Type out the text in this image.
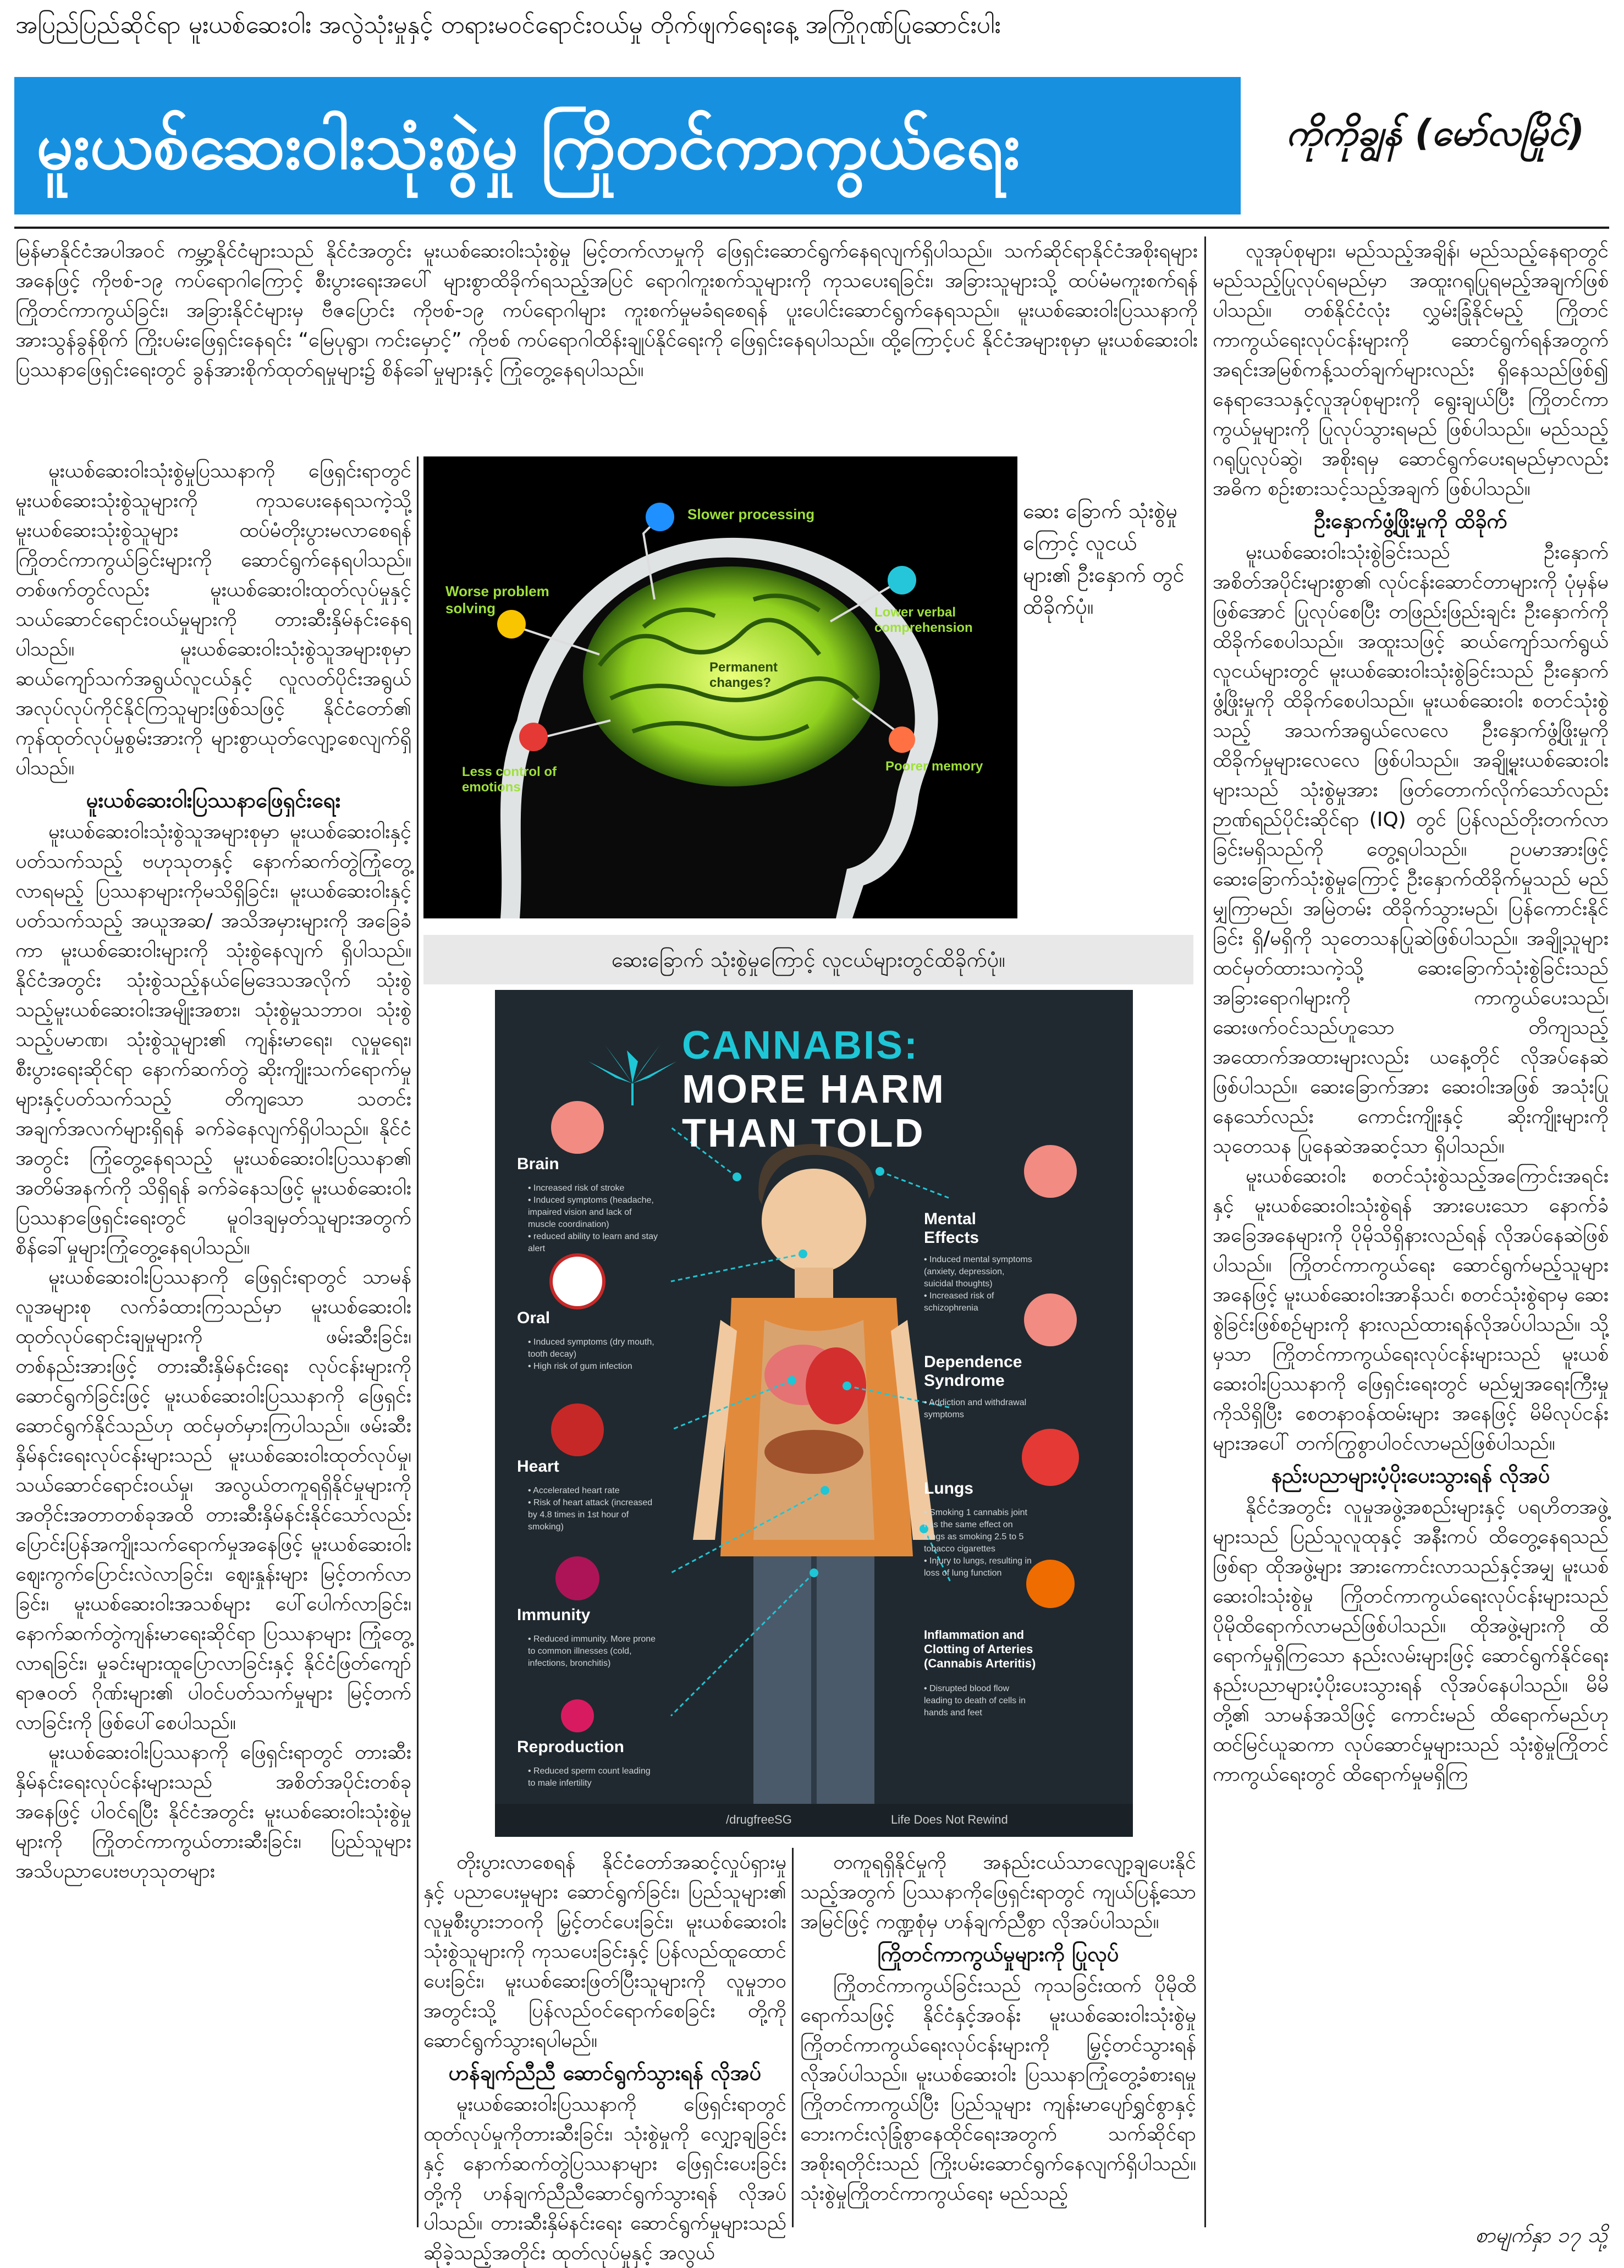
အပြည်ပြည်ဆိုင်ရာ မူးယစ်ဆေးဝါး အလွဲသုံးမှုနှင့် တရားမဝင်ရောင်းဝယ်မှု တိုက်ဖျက်ရေးနေ့ အကြိုဂုဏ်ပြုဆောင်းပါး
မူးယစ်ဆေးဝါးသုံးစွဲမှု ကြိုတင်ကာကွယ်ရေး	ကိုကိုချွန် (မော်လမြိုင်)

မြန်မာနိုင်ငံအပါအဝင် ကမ္ဘာ့နိုင်ငံများသည် နိုင်ငံအတွင်း မူးယစ်ဆေးဝါးသုံးစွဲမှု မြင့်တက်လာမှုကို ဖြေရှင်းဆောင်ရွက်နေရလျက်ရှိပါသည်။ သက်ဆိုင်ရာနိုင်ငံအစိုးရများအနေဖြင့် ကိုဗစ်-၁၉ ကပ်ရောဂါကြောင့် စီးပွားရေးအပေါ် များစွာထိခိုက်ရသည့်အပြင် ရောဂါကူးစက်သူများကို ကုသပေးရခြင်း၊ အခြားသူများသို့ ထပ်မံမကူးစက်ရန် ကြိုတင်ကာကွယ်ခြင်း၊ အခြားနိုင်ငံများမှ ဗီဇပြောင်း ကိုဗစ်-၁၉ ကပ်ရောဂါများ ကူးစက်မှုမခံရစေရန် ပူးပေါင်းဆောင်ရွက်နေရသည်။ မူးယစ်ဆေးဝါးပြဿနာကို အားသွန်ခွန်စိုက် ကြိုးပမ်းဖြေရှင်းနေရင်း “မြေပုရွာ၊ ကင်းမှောင့်” ကိုဗစ် ကပ်ရောဂါထိန်းချုပ်နိုင်ရေးကို ဖြေရှင်းနေရပါသည်။ ထို့ကြောင့်ပင် နိုင်ငံအများစုမှာ မူးယစ်ဆေးဝါးပြဿနာဖြေရှင်းရေးတွင် ခွန်အားစိုက်ထုတ်ရမှုများ၌ စိန်ခေါ်မှုများနှင့် ကြုံတွေ့နေရပါသည်။

မူးယစ်ဆေးဝါးသုံးစွဲမှုပြဿနာကို ဖြေရှင်းရာတွင် မူးယစ်ဆေးသုံးစွဲသူများကို ကုသပေးနေရသကဲ့သို့ မူးယစ်ဆေးသုံးစွဲသူများ ထပ်မံတိုးပွားမလာစေရန် ကြိုတင်ကာကွယ်ခြင်းများကို ဆောင်ရွက်နေရပါသည်။ တစ်ဖက်တွင်လည်း မူးယစ်ဆေးဝါးထုတ်လုပ်မှုနှင့် သယ်ဆောင်ရောင်းဝယ်မှုများကို တားဆီးနှိမ်နင်းနေရပါသည်။ မူးယစ်ဆေးဝါးသုံးစွဲသူအများစုမှာ ဆယ်ကျော်သက်အရွယ်လူငယ်နှင့် လူလတ်ပိုင်းအရွယ် အလုပ်လုပ်ကိုင်နိုင်ကြသူများဖြစ်သဖြင့် နိုင်ငံတော်၏ ကုန်ထုတ်လုပ်မှုစွမ်းအားကို များစွာယုတ်လျော့စေလျက်ရှိပါသည်။

မူးယစ်ဆေးဝါးပြဿနာဖြေရှင်းရေး

မူးယစ်ဆေးဝါးသုံးစွဲသူအများစုမှာ မူးယစ်ဆေးဝါးနှင့်ပတ်သက်သည့် ဗဟုသုတနှင့် နောက်ဆက်တွဲကြုံတွေ့လာရမည့် ပြဿနာများကိုမသိရှိခြင်း၊ မူးယစ်ဆေးဝါးနှင့်ပတ်သက်သည့် အယူအဆ/ အသိအမှားများကို အခြေခံကာ မူးယစ်ဆေးဝါးများကို သုံးစွဲနေလျက် ရှိပါသည်။ နိုင်ငံအတွင်း သုံးစွဲသည့်နယ်မြေဒေသအလိုက် သုံးစွဲသည့်မူးယစ်ဆေးဝါးအမျိုးအစား၊ သုံးစွဲမှုသဘာဝ၊ သုံးစွဲသည့်ပမာဏ၊ သုံးစွဲသူများ၏ ကျန်းမာရေး၊ လူမှုရေး၊ စီးပွားရေးဆိုင်ရာ နောက်ဆက်တွဲ ဆိုးကျိုးသက်ရောက်မှုများနှင့်ပတ်သက်သည့် တိကျသော သတင်းအချက်အလက်များရှိရန် ခက်ခဲနေလျက်ရှိပါသည်။ နိုင်ငံအတွင်း ကြုံတွေ့နေရသည့် မူးယစ်ဆေးဝါးပြဿနာ၏ အတိမ်အနက်ကို သိရှိရန် ခက်ခဲနေသဖြင့် မူးယစ်ဆေးဝါးပြဿနာဖြေရှင်းရေးတွင် မူဝါဒချမှတ်သူများအတွက် စိန်ခေါ်မှုများကြုံတွေ့နေရပါသည်။

မူးယစ်ဆေးဝါးပြဿနာကို ဖြေရှင်းရာတွင် သာမန်လူအများစု လက်ခံထားကြသည်မှာ မူးယစ်ဆေးဝါးထုတ်လုပ်ရောင်းချမှုများကို ဖမ်းဆီးခြင်း၊ တစ်နည်းအားဖြင့် တားဆီးနှိမ်နင်းရေး လုပ်ငန်းများကို ဆောင်ရွက်ခြင်းဖြင့် မူးယစ်ဆေးဝါးပြဿနာကို ဖြေရှင်းဆောင်ရွက်နိုင်သည်ဟု ထင်မှတ်မှားကြပါသည်။ ဖမ်းဆီးနှိမ်နင်းရေးလုပ်ငန်းများသည် မူးယစ်ဆေးဝါးထုတ်လုပ်မှု၊ သယ်ဆောင်ရောင်းဝယ်မှု၊ အလွယ်တကူရရှိနိုင်မှုများကို အတိုင်းအတာတစ်ခုအထိ တားဆီးနှိမ်နင်းနိုင်သော်လည်း ပြောင်းပြန်အကျိုးသက်ရောက်မှုအနေဖြင့် မူးယစ်ဆေးဝါး ဈေးကွက်ပြောင်းလဲလာခြင်း၊ ဈေးနှုန်းများ မြင့်တက်လာခြင်း၊ မူးယစ်ဆေးဝါးအသစ်များ ပေါ်ပေါက်လာခြင်း၊ နောက်ဆက်တွဲကျန်းမာရေးဆိုင်ရာ ပြဿနာများ ကြုံတွေ့လာရခြင်း၊ မှုခင်းများထူပြောလာခြင်းနှင့် နိုင်ငံဖြတ်ကျော်ရာဇဝတ် ဂိုဏ်းများ၏ ပါဝင်ပတ်သက်မှုများ မြင့်တက်လာခြင်းကို ဖြစ်ပေါ်စေပါသည်။

မူးယစ်ဆေးဝါးပြဿနာကို ဖြေရှင်းရာတွင် တားဆီးနှိမ်နင်းရေးလုပ်ငန်းများသည် အစိတ်အပိုင်းတစ်ခုအနေဖြင့် ပါဝင်ရပြီး နိုင်ငံအတွင်း မူးယစ်ဆေးဝါးသုံးစွဲမှုများကို ကြိုတင်ကာကွယ်တားဆီးခြင်း၊ ပြည်သူများအသိပညာပေးဗဟုသုတများ

Slower processing
Worse problem solving	Lower verbal comprehension
Permanent changes?
Less control of emotions
Poorer memory
ဆေး ခြောက် သုံးစွဲမှု ကြောင့် လူငယ် များ၏ ဦးနှောက် တွင် ထိခိုက်ပုံ။
ဆေးခြောက် သုံးစွဲမှုကြောင့် လူငယ်များတွင်ထိခိုက်ပုံ။
CANNABIS:
MORE HARM
THAN TOLD
Brain
• Increased risk of stroke
• Induced symptoms (headache, impaired vision and lack of muscle coordination)
• reduced ability to learn and stay alert
Oral
• Induced symptoms (dry mouth, tooth decay)
• High risk of gum infection
Heart
• Accelerated heart rate
• Risk of heart attack (increased by 4.8 times in 1st hour of smoking)
Immunity
• Reduced immunity. More prone to common illnesses (cold, infections, bronchitis)
Reproduction
• Reduced sperm count leading to male infertility
Mental Effects
• Induced mental symptoms (anxiety, depression, suicidal thoughts)
• Increased risk of schizophrenia
Dependence Syndrome
• Addiction and withdrawal symptoms
Lungs
• Smoking 1 cannabis joint has the same effect on lungs as smoking 2.5 to 5 tobacco cigarettes
• Injury to lungs, resulting in loss of lung function
Inflammation and Clotting of Arteries (Cannabis Arteritis)
• Disrupted blood flow leading to death of cells in hands and feet
/drugfreeSG	Life Does Not Rewind

တိုးပွားလာစေရန် နိုင်ငံတော်အဆင့်လှုပ်ရှားမှုနှင့် ပညာပေးမှုများ ဆောင်ရွက်ခြင်း၊ ပြည်သူများ၏ လူမှုစီးပွားဘဝကို မြှင့်တင်ပေးခြင်း၊ မူးယစ်ဆေးဝါး သုံးစွဲသူများကို ကုသပေးခြင်းနှင့် ပြန်လည်ထူထောင်ပေးခြင်း၊ မူးယစ်ဆေးဖြတ်ပြီးသူများကို လူမှုဘဝအတွင်းသို့ ပြန်လည်ဝင်ရောက်စေခြင်း တို့ကို ဆောင်ရွက်သွားရပါမည်။

ဟန်ချက်ညီညီ ဆောင်ရွက်သွားရန် လိုအပ်

မူးယစ်ဆေးဝါးပြဿနာကို ဖြေရှင်းရာတွင် ထုတ်လုပ်မှုကိုတားဆီးခြင်း၊ သုံးစွဲမှုကို လျှော့ချခြင်းနှင့် နောက်ဆက်တွဲပြဿနာများ ဖြေရှင်းပေးခြင်း တို့ကို ဟန်ချက်ညီညီဆောင်ရွက်သွားရန် လိုအပ်ပါသည်။ တားဆီးနှိမ်နင်းရေး ဆောင်ရွက်မှုများသည် ဆိုခဲ့သည့်အတိုင်း ထုတ်လုပ်မှုနှင့် အလွယ်

တကူရရှိနိုင်မှုကို အနည်းငယ်သာလျော့ချပေးနိုင်သည့်အတွက် ပြဿနာကိုဖြေရှင်းရာတွင် ကျယ်ပြန့်သော အမြင်ဖြင့် ကဏ္ဍစုံမှ ဟန်ချက်ညီစွာ လိုအပ်ပါသည်။

ကြိုတင်ကာကွယ်မှုများကို ပြုလုပ်

ကြိုတင်ကာကွယ်ခြင်းသည် ကုသခြင်းထက် ပိုမိုထိရောက်သဖြင့် နိုင်ငံနှင့်အဝန်း မူးယစ်ဆေးဝါးသုံးစွဲမှု ကြိုတင်ကာကွယ်ရေးလုပ်ငန်းများကို မြှင့်တင်သွားရန် လိုအပ်ပါသည်။ မူးယစ်ဆေးဝါး ပြဿနာကြုံတွေ့ခံစားရမှု ကြိုတင်ကာကွယ်ပြီး ပြည်သူများ ကျန်းမာပျော်ရွှင်စွာနှင့် ဘေးကင်းလုံခြုံစွာနေထိုင်ရေးအတွက် သက်ဆိုင်ရာအစိုးရတိုင်းသည် ကြိုးပမ်းဆောင်ရွက်နေလျက်ရှိပါသည်။ သုံးစွဲမှုကြိုတင်ကာကွယ်ရေး မည်သည့်

လူအုပ်စုများ၊ မည်သည့်အချိန်၊ မည်သည့်နေရာတွင် မည်သည့်ပြုလုပ်ရမည်မှာ အထူးဂရုပြုရမည့်အချက်ဖြစ်ပါသည်။ တစ်နိုင်ငံလုံး လွှမ်းခြုံနိုင်မည့် ကြိုတင်ကာကွယ်ရေးလုပ်ငန်းများကို ဆောင်ရွက်ရန်အတွက် အရင်းအမြစ်ကန့်သတ်ချက်များလည်း ရှိနေသည်ဖြစ်၍ နေရာဒေသနှင့်လူအုပ်စုများကို ရွေးချယ်ပြီး ကြိုတင်ကာကွယ်မှုများကို ပြုလုပ်သွားရမည် ဖြစ်ပါသည်။ မည်သည့်ဂရုပြုလုပ်ဆွဲ၊ အစိုးရမှ ဆောင်ရွက်ပေးရမည်မှာလည်း အဓိက စဉ်းစားသင့်သည့်အချက် ဖြစ်ပါသည်။

ဦးနှောက်ဖွံ့ဖြိုးမှုကို ထိခိုက်

မူးယစ်ဆေးဝါးသုံးစွဲခြင်းသည် ဦးနှောက်အစိတ်အပိုင်းများစွာ၏ လုပ်ငန်းဆောင်တာများကို ပုံမှန်မဖြစ်အောင် ပြုလုပ်စေပြီး တဖြည်းဖြည်းချင်း ဦးနှောက်ကို ထိခိုက်စေပါသည်။ အထူးသဖြင့် ဆယ်ကျော်သက်ရွယ် လူငယ်များတွင် မူးယစ်ဆေးဝါးသုံးစွဲခြင်းသည် ဦးနှောက်ဖွံ့ဖြိုးမှုကို ထိခိုက်စေပါသည်။ မူးယစ်ဆေးဝါး စတင်သုံးစွဲသည့် အသက်အရွယ်လေလေ ဦးနှောက်ဖွံ့ဖြိုးမှုကို ထိခိုက်မှုများလေလေ ဖြစ်ပါသည်။ အချို့မူးယစ်ဆေးဝါးများသည် သုံးစွဲမှုအား ဖြတ်တောက်လိုက်သော်လည်း ဉာဏ်ရည်ပိုင်းဆိုင်ရာ (IQ) တွင် ပြန်လည်တိုးတက်လာခြင်းမရှိသည်ကို တွေ့ရပါသည်။ ဥပမာအားဖြင့် ဆေးခြောက်သုံးစွဲမှုကြောင့် ဦးနှောက်ထိခိုက်မှုသည် မည်မျှကြာမည်၊ အမြဲတမ်း ထိခိုက်သွားမည်၊ ပြန်ကောင်းနိုင်ခြင်း ရှိ/မရှိကို သုတေသနပြုဆဲဖြစ်ပါသည်။ အချို့သူများ ထင်မှတ်ထားသကဲ့သို့ ဆေးခြောက်သုံးစွဲခြင်းသည် အခြားရောဂါများကို ကာကွယ်ပေးသည်၊ ဆေးဖက်ဝင်သည်ဟူသော တိကျသည့် အထောက်အထားများလည်း ယနေ့တိုင် လိုအပ်နေဆဲ ဖြစ်ပါသည်။ ဆေးခြောက်အား ဆေးဝါးအဖြစ် အသုံးပြုနေသော်လည်း ကောင်းကျိုးနှင့် ဆိုးကျိုးများကို သုတေသန ပြုနေဆဲအဆင့်သာ ရှိပါသည်။

မူးယစ်ဆေးဝါး စတင်သုံးစွဲသည့်အကြောင်းအရင်းနှင့် မူးယစ်ဆေးဝါးသုံးစွဲရန် အားပေးသော နောက်ခံအခြေအနေများကို ပိုမိုသိရှိနားလည်ရန် လိုအပ်နေဆဲဖြစ်ပါသည်။ ကြိုတင်ကာကွယ်ရေး ဆောင်ရွက်မည့်သူများအနေဖြင့် မူးယစ်ဆေးဝါးအာနိသင်၊ စတင်သုံးစွဲရာမှ ဆေးစွဲခြင်းဖြစ်စဉ်များကို နားလည်ထားရန်လိုအပ်ပါသည်။ သို့မှသာ ကြိုတင်ကာကွယ်ရေးလုပ်ငန်းများသည် မူးယစ်ဆေးဝါးပြဿနာကို ဖြေရှင်းရေးတွင် မည်မျှအရေးကြီးမှုကိုသိရှိပြီး စေတနာဝန်ထမ်းများ အနေဖြင့် မိမိလုပ်ငန်းများအပေါ် တက်ကြွစွာပါဝင်လာမည်ဖြစ်ပါသည်။

နည်းပညာများပံ့ပိုးပေးသွားရန် လိုအပ်

နိုင်ငံအတွင်း လူမှုအဖွဲ့အစည်းများနှင့် ပရဟိတအဖွဲ့များသည် ပြည်သူလူထုနှင့် အနီးကပ် ထိတွေ့နေရသည်ဖြစ်ရာ ထိုအဖွဲ့များ အားကောင်းလာသည်နှင့်အမျှ မူးယစ်ဆေးဝါးသုံးစွဲမှု ကြိုတင်ကာကွယ်ရေးလုပ်ငန်းများသည် ပိုမိုထိရောက်လာမည်ဖြစ်ပါသည်။ ထိုအဖွဲ့များကို ထိရောက်မှုရှိကြသော နည်းလမ်းများဖြင့် ဆောင်ရွက်နိုင်ရေး နည်းပညာများပံ့ပိုးပေးသွားရန် လိုအပ်နေပါသည်။ မိမိတို့၏ သာမန်အသိဖြင့် ကောင်းမည် ထိရောက်မည်ဟု ထင်မြင်ယူဆကာ လုပ်ဆောင်မှုများသည် သုံးစွဲမှုကြိုတင်ကာကွယ်ရေးတွင် ထိရောက်မှုမရှိကြ

စာမျက်နှာ ၁၇ သို့
